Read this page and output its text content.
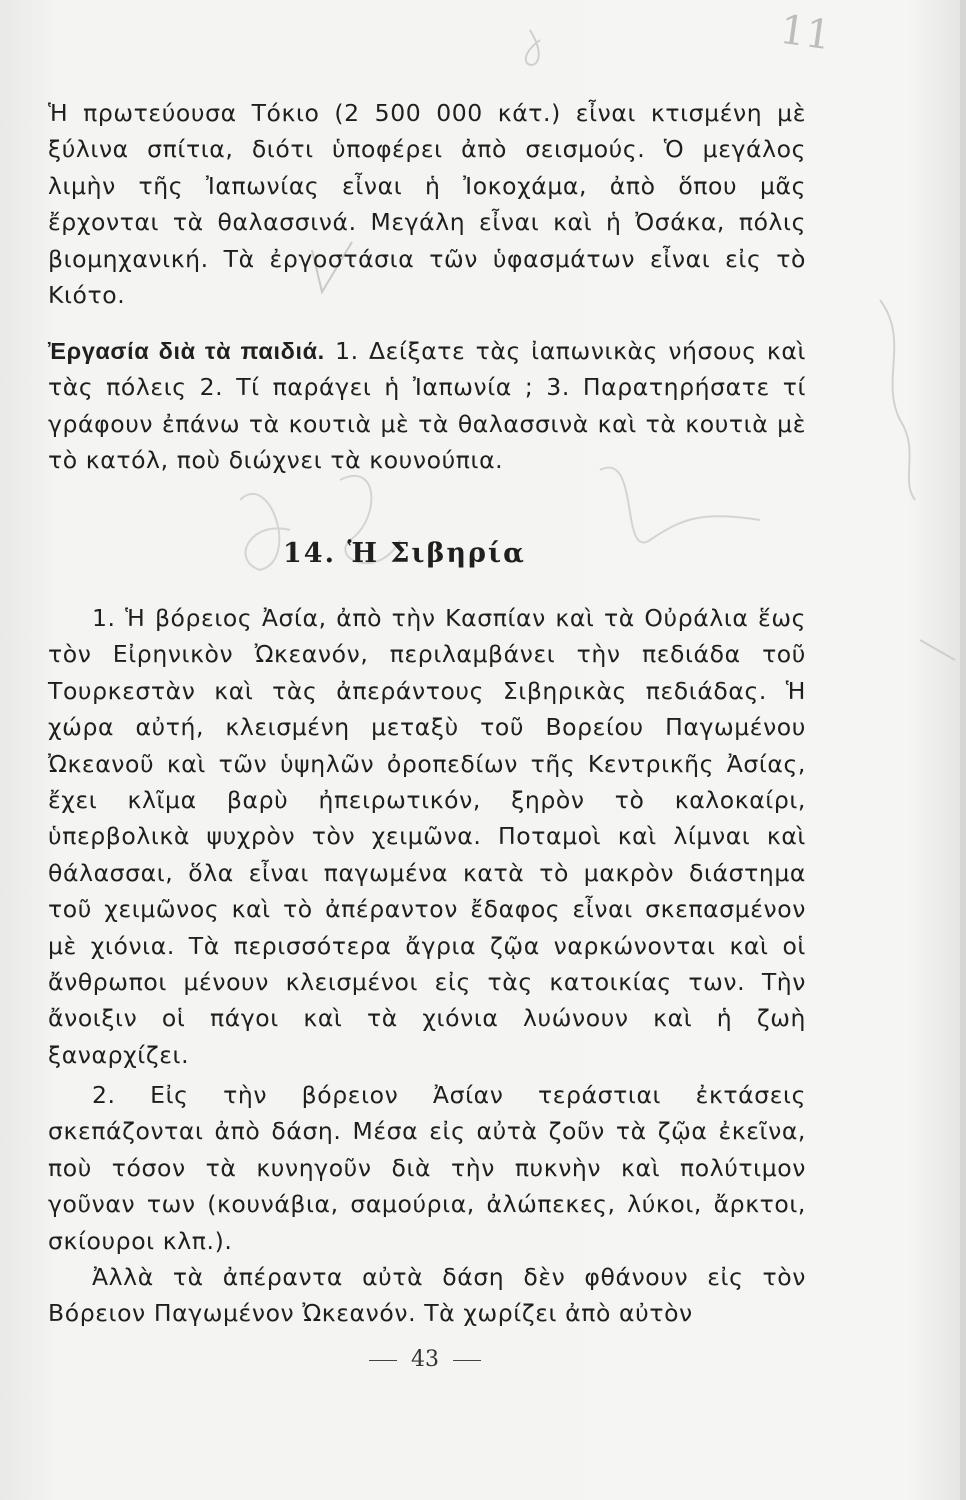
11

Ἡ πρωτεύουσα Τόκιο (2 500 000 κάτ.) εἶναι κτισμένη μὲ ξύλινα σπίτια, διότι ὑποφέρει ἀπὸ σεισμούς. Ὁ μεγάλος λιμὴν τῆς Ἰαπωνίας εἶναι ἡ Ἰοκοχάμα, ἀπὸ ὅπου μᾶς ἔρχονται τὰ θαλασσινά. Μεγάλη εἶναι καὶ ἡ Ὀσάκα, πόλις βιομηχανική. Τὰ ἐργοστάσια τῶν ὑφασμάτων εἶναι εἰς τὸ Κιότο.

Ἐργασία διὰ τὰ παιδιά. 1. Δείξατε τὰς ἰαπωνικὰς νήσους καὶ τὰς πόλεις 2. Τί παράγει ἡ Ἰαπωνία ; 3. Παρατηρήσατε τί γράφουν ἐπάνω τὰ κουτιὰ μὲ τὰ θαλασσινὰ καὶ τὰ κουτιὰ μὲ τὸ κατόλ, ποὺ διώχνει τὰ κουνούπια.

14. Ἡ Σιβηρία

1. Ἡ βόρειος Ἀσία, ἀπὸ τὴν Κασπίαν καὶ τὰ Οὐράλια ἕως τὸν Εἰρηνικὸν Ὠκεανόν, περιλαμβάνει τὴν πεδιάδα τοῦ Τουρκεστὰν καὶ τὰς ἀπεράντους Σιβηρικὰς πεδιάδας. Ἡ χώρα αὐτή, κλεισμένη μεταξὺ τοῦ Βορείου Παγωμένου Ὠκεανοῦ καὶ τῶν ὑψηλῶν ὀροπεδίων τῆς Κεντρικῆς Ἀσίας, ἔχει κλῖμα βαρὺ ἠπειρωτικόν, ξηρὸν τὸ καλοκαίρι, ὑπερβολικὰ ψυχρὸν τὸν χειμῶνα. Ποταμοὶ καὶ λίμναι καὶ θάλασσαι, ὅλα εἶναι παγωμένα κατὰ τὸ μακρὸν διάστημα τοῦ χειμῶνος καὶ τὸ ἀπέραντον ἔδαφος εἶναι σκεπασμένον μὲ χιόνια. Τὰ περισσότερα ἄγρια ζῷα ναρκώνονται καὶ οἱ ἄνθρωποι μένουν κλεισμένοι εἰς τὰς κατοικίας των. Τὴν ἄνοιξιν οἱ πάγοι καὶ τὰ χιόνια λυώνουν καὶ ἡ ζωὴ ξαναρχίζει.

2. Εἰς τὴν βόρειον Ἀσίαν τεράστιαι ἐκτάσεις σκεπάζονται ἀπὸ δάση. Μέσα εἰς αὐτὰ ζοῦν τὰ ζῷα ἐκεῖνα, ποὺ τόσον τὰ κυνηγοῦν διὰ τὴν πυκνὴν καὶ πολύτιμον γοῦναν των (κουνάβια, σαμούρια, ἀλώπεκες, λύκοι, ἄρκτοι, σκίουροι κλπ.).

Ἀλλὰ τὰ ἀπέραντα αὐτὰ δάση δὲν φθάνουν εἰς τὸν Βόρειον Παγωμένον Ὠκεανόν. Τὰ χωρίζει ἀπὸ αὐτὸν

43
